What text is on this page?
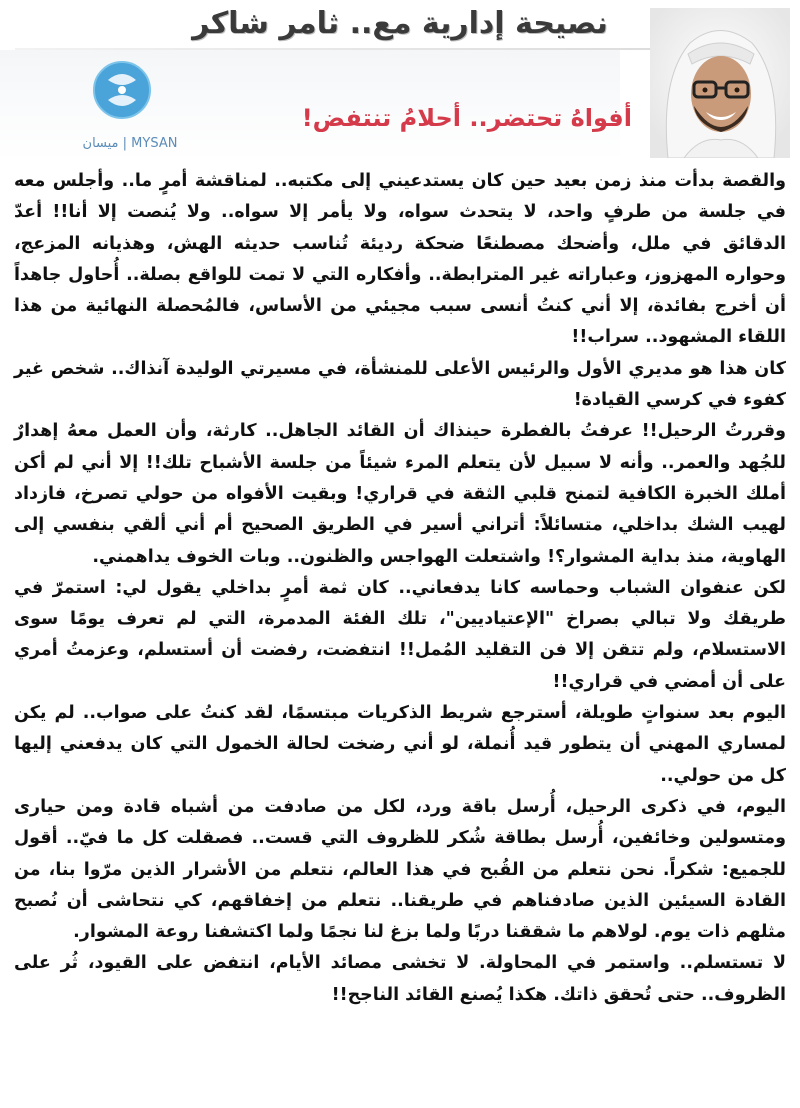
نصيحة إدارية مع.. ثامر شاكر
ميسان | MYSAN
أفواهُ تحتضر.. أحلامُ تنتفض!

والقصة بدأت منذ زمن بعيد حين كان يستدعيني إلى مكتبه.. لمناقشة أمرٍ ما.. وأجلس معه في جلسة من طرفٍ واحد، لا يتحدث سواه، ولا يأمر إلا سواه.. ولا يُنصت إلا أنا!! أعدّ الدقائق في ملل، وأضحك مصطنعًا ضحكة رديئة تُناسب حديثه الهش، وهذيانه المزعج، وحواره المهزوز، وعباراته غير المترابطة.. وأفكاره التي لا تمت للواقع بصلة.. أُحاول جاهداً أن أخرج بفائدة، إلا أني كنتُ أنسى سبب مجيئي من الأساس، فالمُحصلة النهائية من هذا اللقاء المشهود.. سراب!!

كان هذا هو مديري الأول والرئيس الأعلى للمنشأة، في مسيرتي الوليدة آنذاك.. شخص غير كفوء في كرسي القيادة!

وقررتُ الرحيل!! عرفتُ بالفطرة حينذاك أن القائد الجاهل.. كارثة، وأن العمل معهُ إهدارٌ للجُهد والعمر.. وأنه لا سبيل لأن يتعلم المرء شيئاً من جلسة الأشباح تلك!! إلا أني لم أكن أملك الخبرة الكافية لتمنح قلبي الثقة في قراري! وبقيت الأفواه من حولي تصرخ، فازداد لهيب الشك بداخلي، متسائلاً: أتراني أسير في الطريق الصحيح أم أني ألقي بنفسي إلى الهاوية، منذ بداية المشوار؟! واشتعلت الهواجس والظنون.. وبات الخوف يداهمني.

لكن عنفوان الشباب وحماسه كانا يدفعاني.. كان ثمة أمرٍ بداخلي يقول لي: استمرّ في طريقك ولا تبالي بصراخ "الإعتياديين"، تلك الفئة المدمرة، التي لم تعرف يومًا سوى الاستسلام، ولم تتقن إلا فن التقليد المُمل!! انتفضت، رفضت أن أستسلم، وعزمتُ أمري على أن أمضي في قراري!!

اليوم بعد سنواتٍ طويلة، أسترجع شريط الذكريات مبتسمًا، لقد كنتُ على صواب.. لم يكن لمساري المهني أن يتطور قيد أُنملة، لو أني رضخت لحالة الخمول التي كان يدفعني إليها كل من حولي..

اليوم، في ذكرى الرحيل، أُرسل باقة ورد، لكل من صادفت من أشباه قادة ومن حيارى ومتسولين وخائفين، أُرسل بطاقة شُكر للظروف التي قست.. فصقلت كل ما فيّ.. أقول للجميع: شكراً. نحن نتعلم من القُبح في هذا العالم، نتعلم من الأشرار الذين مرّوا بنا، من القادة السيئين الذين صادفناهم في طريقنا.. نتعلم من إخفاقهم، كي نتحاشى أن نُصبح مثلهم ذات يوم. لولاهم ما شققنا دربًا ولما بزغ لنا نجمًا ولما اكتشفنا روعة المشوار.

لا تستسلم.. واستمر في المحاولة. لا تخشى مصائد الأيام، انتفض على القيود، ثُر على الظروف.. حتى تُحقق ذاتك. هكذا يُصنع القائد الناجح!!
